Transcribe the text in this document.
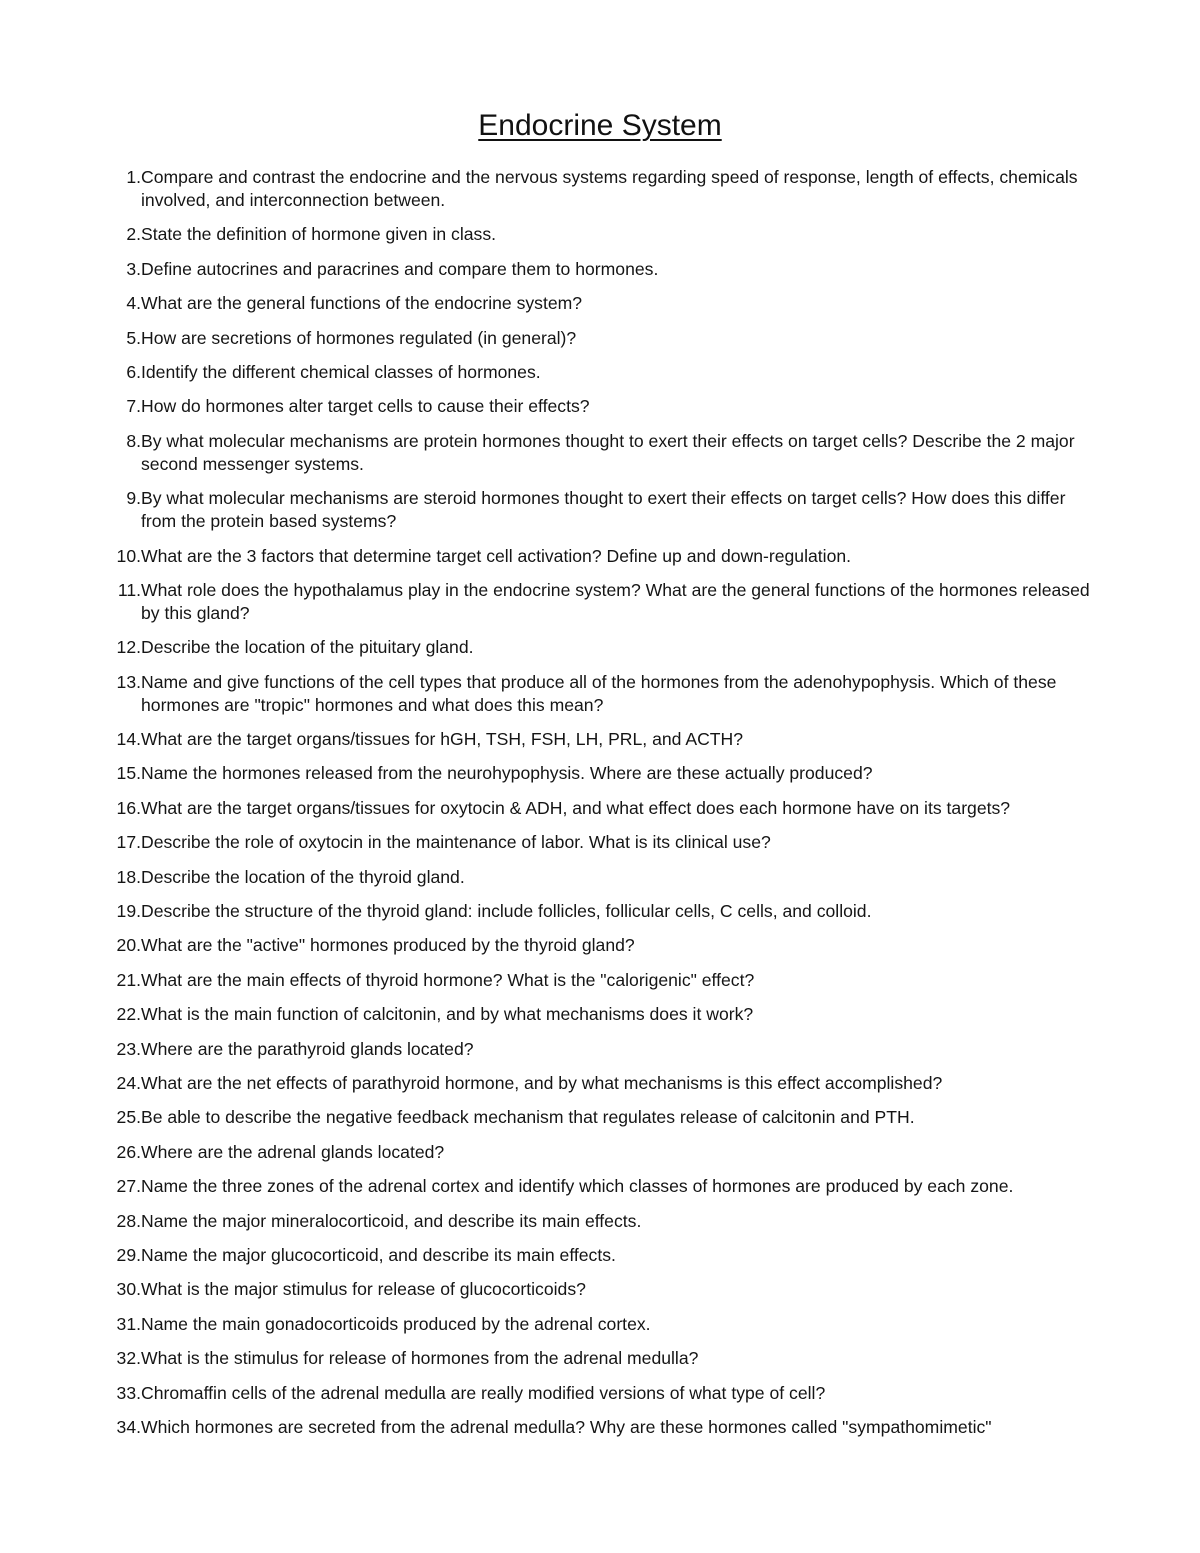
Endocrine System
1. Compare and contrast the endocrine and the nervous systems regarding speed of response, length of effects, chemicals involved, and interconnection between.
2. State the definition of hormone given in class.
3. Define autocrines and paracrines and compare them to hormones.
4. What are the general functions of the endocrine system?
5. How are secretions of hormones regulated (in general)?
6. Identify the different chemical classes of hormones.
7. How do hormones alter target cells to cause their effects?
8. By what molecular mechanisms are protein hormones thought to exert their effects on target cells? Describe the 2 major second messenger systems.
9. By what molecular mechanisms are steroid hormones thought to exert their effects on target cells? How does this differ from the protein based systems?
10. What are the 3 factors that determine target cell activation? Define up and down-regulation.
11. What role does the hypothalamus play in the endocrine system? What are the general functions of the hormones released by this gland?
12. Describe the location of the pituitary gland.
13. Name and give functions of the cell types that produce all of the hormones from the adenohypophysis. Which of these hormones are "tropic" hormones and what does this mean?
14. What are the target organs/tissues for hGH, TSH, FSH, LH, PRL, and ACTH?
15. Name the hormones released from the neurohypophysis. Where are these actually produced?
16. What are the target organs/tissues for oxytocin & ADH, and what effect does each hormone have on its targets?
17. Describe the role of oxytocin in the maintenance of labor. What is its clinical use?
18. Describe the location of the thyroid gland.
19. Describe the structure of the thyroid gland: include follicles, follicular cells, C cells, and colloid.
20. What are the "active" hormones produced by the thyroid gland?
21. What are the main effects of thyroid hormone? What is the "calorigenic" effect?
22. What is the main function of calcitonin, and by what mechanisms does it work?
23. Where are the parathyroid glands located?
24. What are the net effects of parathyroid hormone, and by what mechanisms is this effect accomplished?
25. Be able to describe the negative feedback mechanism that regulates release of calcitonin and PTH.
26. Where are the adrenal glands located?
27. Name the three zones of the adrenal cortex and identify which classes of hormones are produced by each zone.
28. Name the major mineralocorticoid, and describe its main effects.
29. Name the major glucocorticoid, and describe its main effects.
30. What is the major stimulus for release of glucocorticoids?
31. Name the main gonadocorticoids produced by the adrenal cortex.
32. What is the stimulus for release of hormones from the adrenal medulla?
33. Chromaffin cells of the adrenal medulla are really modified versions of what type of cell?
34. Which hormones are secreted from the adrenal medulla? Why are these hormones called "sympathomimetic"
